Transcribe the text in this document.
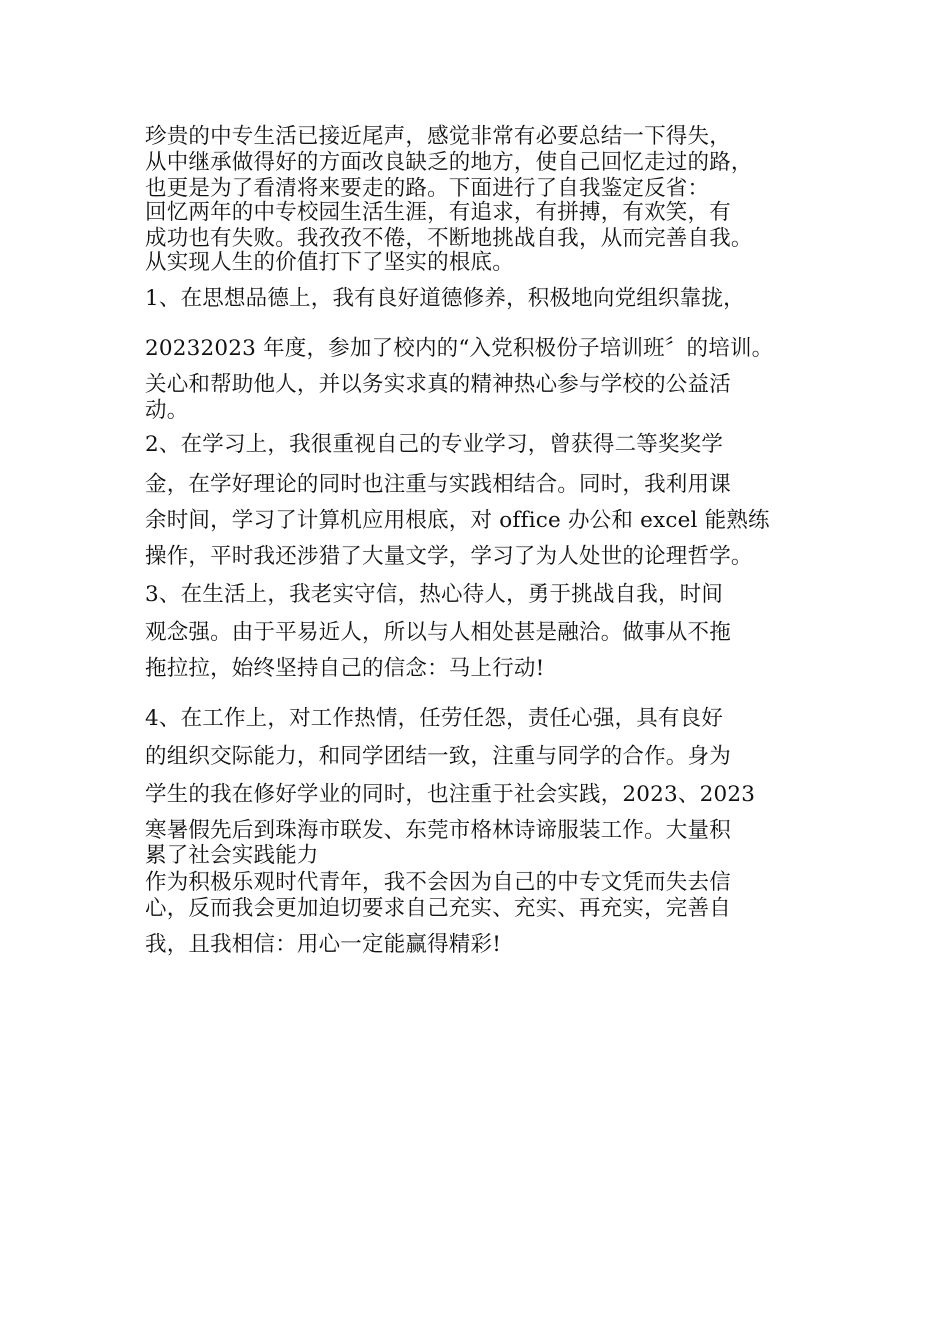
珍贵的中专生活已接近尾声，感觉非常有必要总结一下得失，
从中继承做得好的方面改良缺乏的地方，使自己回忆走过的路，
也更是为了看清将来要走的路。下面进行了自我鉴定反省：
回忆两年的中专校园生活生涯，有追求，有拼搏，有欢笑，有
成功也有失败。我孜孜不倦，不断地挑战自我，从而完善自我。
从实现人生的价值打下了坚实的根底。
1、在思想品德上，我有良好道德修养，积极地向党组织靠拢，
20232023 年度，参加了校内的“入党积极份子培训班〞的培训。
关心和帮助他人，并以务实求真的精神热心参与学校的公益活
动。
2、在学习上，我很重视自己的专业学习，曾获得二等奖奖学
金，在学好理论的同时也注重与实践相结合。同时，我利用课
余时间，学习了计算机应用根底，对 office 办公和 excel 能熟练
操作，平时我还涉猎了大量文学，学习了为人处世的论理哲学。
3、在生活上，我老实守信，热心待人，勇于挑战自我，时间
观念强。由于平易近人，所以与人相处甚是融洽。做事从不拖
拖拉拉，始终坚持自己的信念：马上行动!
4、在工作上，对工作热情，任劳任怨，责任心强，具有良好
的组织交际能力，和同学团结一致，注重与同学的合作。身为
学生的我在修好学业的同时，也注重于社会实践，2023、2023
寒暑假先后到珠海市联发、东莞市格林诗谛服装工作。大量积
累了社会实践能力
作为积极乐观时代青年，我不会因为自己的中专文凭而失去信
心，反而我会更加迫切要求自己充实、充实、再充实，完善自
我，且我相信：用心一定能赢得精彩!
